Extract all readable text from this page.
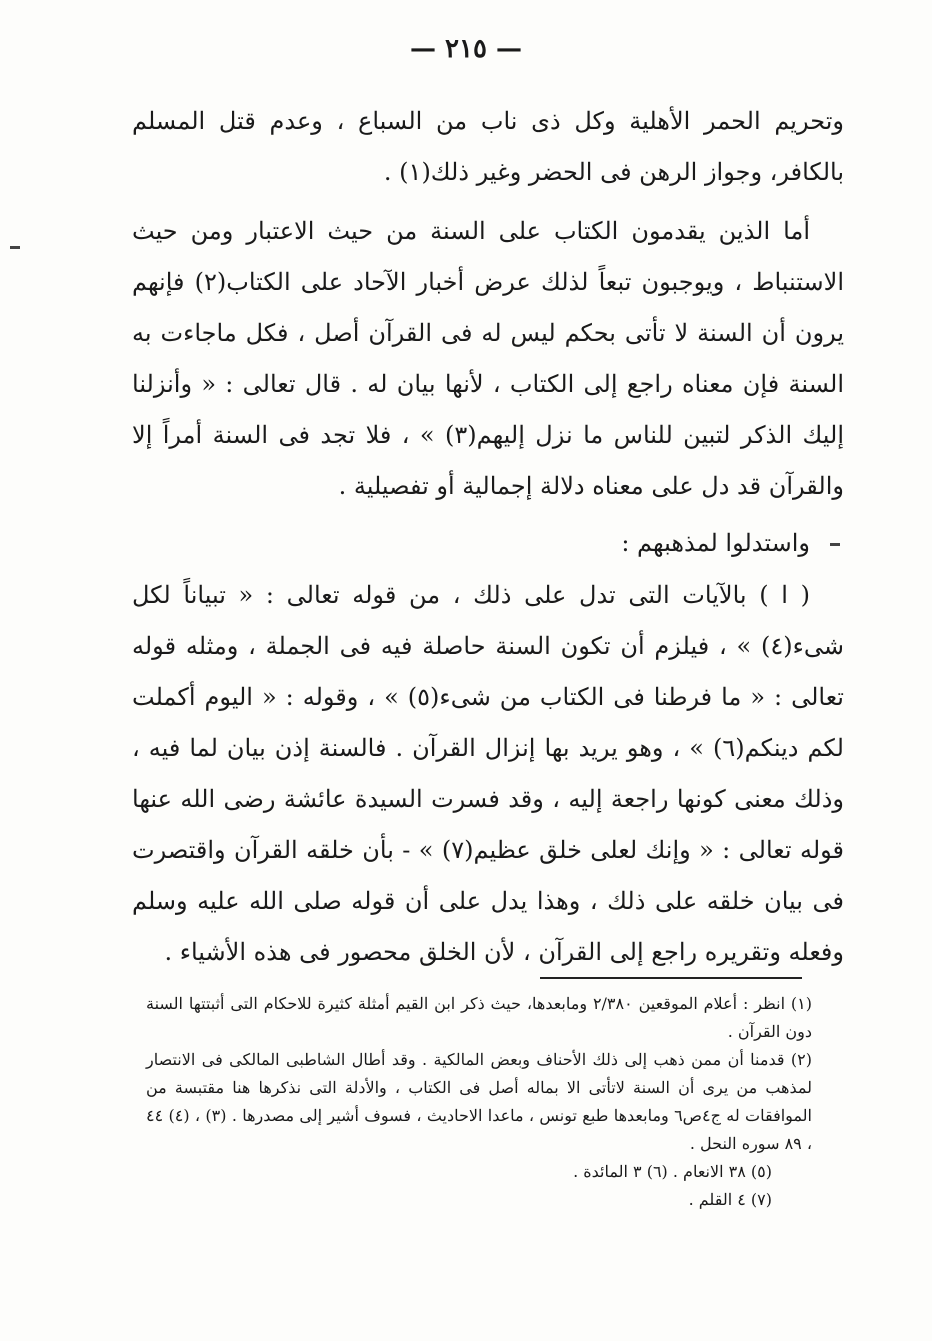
— ٢١٥ —

وتحريم الحمر الأهلية وكل ذى ناب من السباع ، وعدم قتل المسلم بالكافر، وجواز الرهن فى الحضر وغير ذلك(١) .

أما الذين يقدمون الكتاب على السنة من حيث الاعتبار ومن حيث الاستنباط ، ويوجبون تبعاً لذلك عرض أخبار الآحاد على الكتاب(٢) فإنهم يرون أن السنة لا تأتى بحكم ليس له فى القرآن أصل ، فكل ماجاءت به السنة فإن معناه راجع إلى الكتاب ، لأنها بيان له . قال تعالى : « وأنزلنا إليك الذكر لتبين للناس ما نزل إليهم(٣) » ، فلا تجد فى السنة أمراً إلا والقرآن قد دل على معناه دلالة إجمالية أو تفصيلية .

واستدلوا لمذهبهم :

( ا ) بالآيات التى تدل على ذلك ، من قوله تعالى : « تبياناً لكل شىء(٤) » ، فيلزم أن تكون السنة حاصلة فيه فى الجملة ، ومثله قوله تعالى : « ما فرطنا فى الكتاب من شىء(٥) » ، وقوله : « اليوم أكملت لكم دينكم(٦) » ، وهو يريد بها إنزال القرآن . فالسنة إذن بيان لما فيه ، وذلك معنى كونها راجعة إليه ، وقد فسرت السيدة عائشة رضى الله عنها قوله تعالى : « وإنك لعلى خلق عظيم(٧) » - بأن خلقه القرآن واقتصرت فى بيان خلقه على ذلك ، وهذا يدل على أن قوله صلى الله عليه وسلم وفعله وتقريره راجع إلى القرآن ، لأن الخلق محصور فى هذه الأشياء .

(١) انظر : أعلام الموقعين ٢/٣٨٠ ومابعدها، حيث ذكر ابن القيم أمثلة كثيرة للاحكام التى أثبتتها السنة دون القرآن .

(٢) قدمنا أن ممن ذهب إلى ذلك الأحناف وبعض المالكية . وقد أطال الشاطبى المالكى فى الانتصار لمذهب من يرى أن السنة لاتأتى الا بماله أصل فى الكتاب ، والأدلة التى نذكرها هنا مقتبسة من الموافقات له ج٤ص٦ ومابعدها طبع تونس ، ماعدا الاحاديث ، فسوف أشير إلى مصدرها . (٣) ، (٤) ٤٤ ، ٨٩ سوره النحل .

(٥) ٣٨ الانعام . (٦) ٣ المائدة .

(٧) ٤ القلم .
